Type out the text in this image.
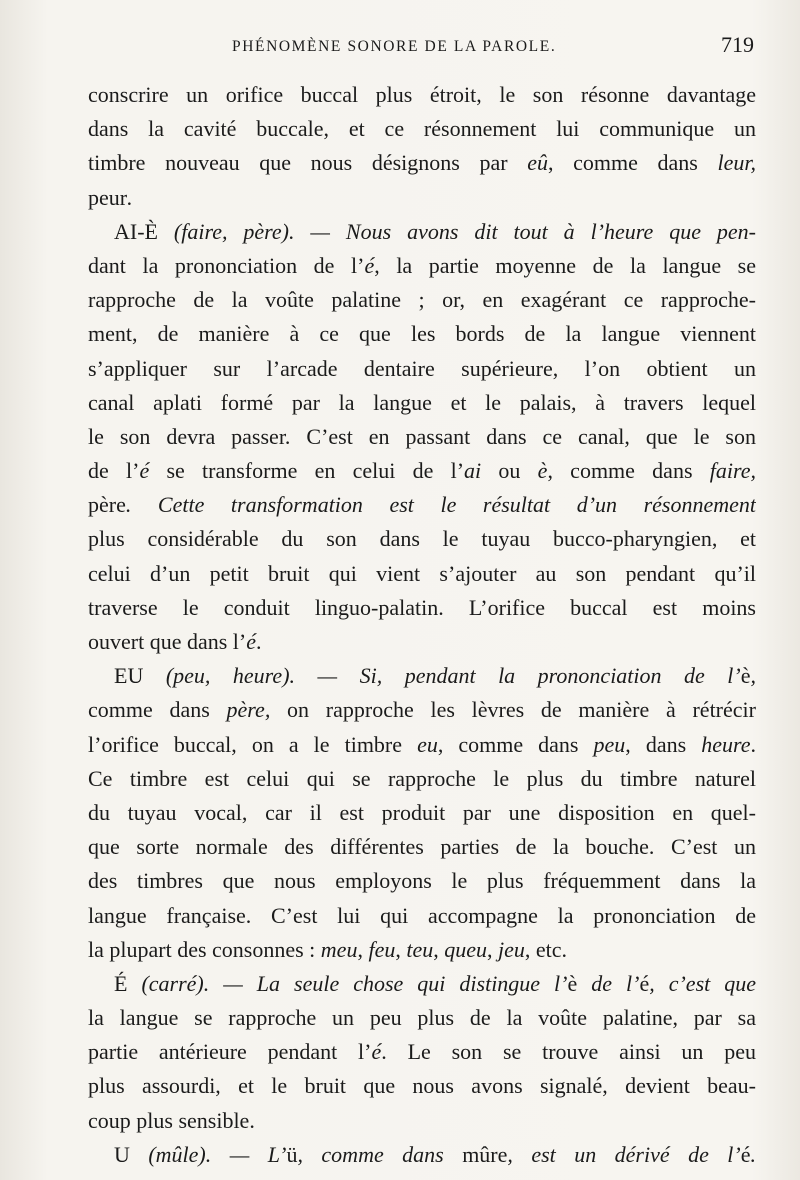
PHÉNOMÈNE SONORE DE LA PAROLE.	719
conscrire un orifice buccal plus étroit, le son résonne davantage
dans la cavité buccale, et ce résonnement lui communique un
timbre nouveau que nous désignons par eû, comme dans leur,
peur.
AI-È (faire, père). — Nous avons dit tout à l’heure que pen-
dant la prononciation de l’é, la partie moyenne de la langue se
rapproche de la voûte palatine ; or, en exagérant ce rapproche-
ment, de manière à ce que les bords de la langue viennent
s’appliquer sur l’arcade dentaire supérieure, l’on obtient un
canal aplati formé par la langue et le palais, à travers lequel
le son devra passer. C’est en passant dans ce canal, que le son
de l’é se transforme en celui de l’ai ou è, comme dans faire,
père. Cette transformation est le résultat d’un résonnement
plus considérable du son dans le tuyau bucco-pharyngien, et
celui d’un petit bruit qui vient s’ajouter au son pendant qu’il
traverse le conduit linguo-palatin. L’orifice buccal est moins
ouvert que dans l’é.
EU (peu, heure). — Si, pendant la prononciation de l’è,
comme dans père, on rapproche les lèvres de manière à rétrécir
l’orifice buccal, on a le timbre eu, comme dans peu, dans heure.
Ce timbre est celui qui se rapproche le plus du timbre naturel
du tuyau vocal, car il est produit par une disposition en quel-
que sorte normale des différentes parties de la bouche. C’est un
des timbres que nous employons le plus fréquemment dans la
langue française. C’est lui qui accompagne la prononciation de
la plupart des consonnes : meu, feu, teu, queu, jeu, etc.
É (carré). — La seule chose qui distingue l’è de l’é, c’est que
la langue se rapproche un peu plus de la voûte palatine, par sa
partie antérieure pendant l’é. Le son se trouve ainsi un peu
plus assourdi, et le bruit que nous avons signalé, devient beau-
coup plus sensible.
U (mûle). — L’ü, comme dans mûre, est un dérivé de l’é.
